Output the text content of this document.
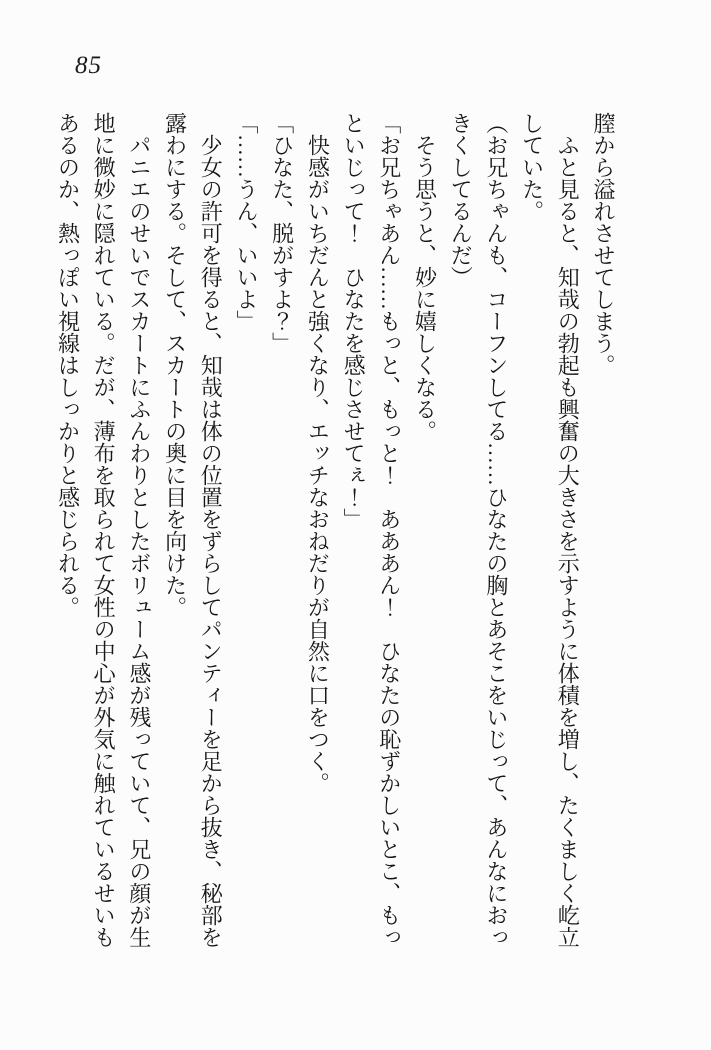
85

膣から溢れさせてしまう。

ふと見ると、知哉の勃起も興奮の大きさを示すように体積を増し、たくましく屹立していた。

（お兄ちゃんも、コーフンしてる……ひなたの胸とあそこをいじって、あんなにおっきくしてるんだ）

そう思うと、妙に嬉しくなる。

「お兄ちゃあん……もっと、もっと！　あああん！　ひなたの恥ずかしいとこ、もっといじって！　ひなたを感じさせてぇ！」

快感がいちだんと強くなり、エッチなおねだりが自然に口をつく。

「ひなた、脱がすよ？」

「……うん、いいよ」

少女の許可を得ると、知哉は体の位置をずらしてパンティーを足から抜き、秘部を露わにする。そして、スカートの奥に目を向けた。

パニエのせいでスカートにふんわりとしたボリューム感が残っていて、兄の顔が生地に微妙に隠れている。だが、薄布を取られて女性の中心が外気に触れているせいもあるのか、熱っぽい視線はしっかりと感じられる。
